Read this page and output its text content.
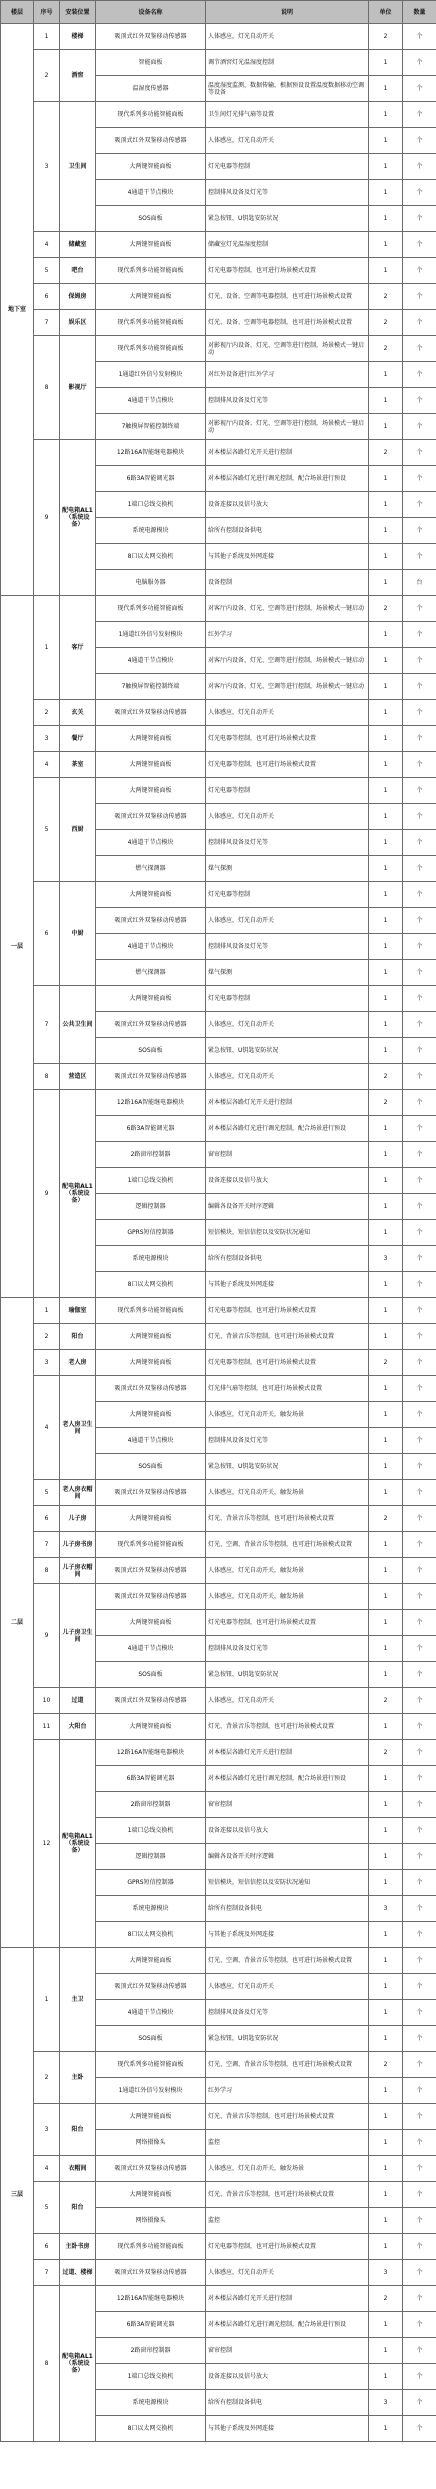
楼层	序号	安装位置	设备名称	说明	单位	数量
地下室	1	楼梯	吸顶式红外双鉴移动传感器	人体感应，灯光自动开关	2	个
	2	酒窖	智能面板	调节酒窖灯光温湿度控制	1	个
			温湿度传感器	温度湿度监测，数据传输，根据预设设置温度数据移动空调等设备	1	个
	3	卫生间	现代系列多功能智能面板	卫生间灯光排气扇等设置	1	个
			吸顶式红外双鉴移动传感器	人体感应，灯光自动开关	1	个
			大两键智能面板	灯光电器等控制	1	个
			4通道干节点模块	控制排风设备及灯光等	1	个
			SOS面板	紧急按钮，U钥匙安防状况	1	个
	4	储藏室	大两键智能面板	储藏室灯光温湿度控制	1	个
	5	吧台	现代系列多功能智能面板	灯光电器等控制，也可进行场景模式设置	1	个
	6	保姆房	大两键智能面板	灯光、设备、空调等电器控制，也可进行场景模式设置	2	个
	7	娱乐区	现代系列多功能智能面板	灯光、设备、空调等电器控制，也可进行场景模式设置	2	个
	8	影视厅	现代系列多功能智能面板	对影视厅内设备、灯光、空调等进行控制，场景模式一键启动	2	个
			1通道红外信号发射模块	对红外设备进行红外学习	1	个
			4通道干节点模块	控制排风设备及灯光等	1	个
			7触摸屏智能控制终端	对影视厅内设备、灯光、空调等进行控制，场景模式一键启动	1	个
	9	配电箱AL1（系统设备）	12路16A智能继电器模块	对本楼层各路灯光开关进行控制	2	个
			6路3A智能调光器	对本楼层各路灯光进行调光控制，配合场景进行预设	1	个
			1端口总线交换机	设备连接以及信号放大	1	个
			系统电源模块	给所有控制设备供电	1	个
			8口以太网交换机	与其他子系统及外网连接	1	个
			电脑服务器	设备控制	1	台
一层	1	客厅	现代系列多功能智能面板	对客厅内设备、灯光、空调等进行控制，场景模式一键启动	2	个
			1通道红外信号发射模块	红外学习	1	个
			4通道干节点模块	对客厅内设备、灯光、空调等进行控制，场景模式一键启动	1	个
			7触摸屏智能控制终端	对客厅内设备、灯光、空调等进行控制，场景模式一键启动	1	个
	2	玄关	吸顶式红外双鉴移动传感器	人体感应，灯光自动开关	1	个
	3	餐厅	大两键智能面板	灯光电器等控制，也可进行场景模式设置	1	个
	4	茶室	大两键智能面板	灯光电器等控制，也可进行场景模式设置	1	个
	5	西厨	大两键智能面板	灯光电器等控制	1	个
			吸顶式红外双鉴移动传感器	人体感应，灯光自动开关	1	个
			4通道干节点模块	控制排风设备及灯光等	1	个
			燃气探测器	煤气探测	1	个
	6	中厨	大两键智能面板	灯光电器等控制	1	个
			吸顶式红外双鉴移动传感器	人体感应，灯光自动开关	1	个
			4通道干节点模块	控制排风设备及灯光等	1	个
			燃气探测器	煤气探测	1	个
	7	公共卫生间	大两键智能面板	灯光电器等控制	1	个
			吸顶式红外双鉴移动传感器	人体感应，灯光自动开关	1	个
			SOS面板	紧急按钮，U钥匙安防状况	1	个
	8	营造区	吸顶式红外双鉴移动传感器	人体感应，灯光自动开关	2	个
	9	配电箱AL1（系统设备）	12路16A智能继电器模块	对本楼层各路灯光开关进行控制	2	个
			6路3A智能调光器	对本楼层各路灯光进行调光控制，配合场景进行预设	1	个
			2路窗帘控制器	窗帘控制	1	个
			1端口总线交换机	设备连接以及信号放大	1	个
			逻辑控制器	编辑各设备开关时序逻辑	1	个
			GPRS短信控制器	短信模块，短信信控以及安防状况通知	1	个
			系统电源模块	给所有控制设备供电	3	个
			8口以太网交换机	与其他子系统及外网连接	1	个
二层	1	瑜伽室	现代系列多功能智能面板	灯光电器等控制，也可进行场景模式设置	1	个
	2	阳台	大两键智能面板	灯光、背景音乐等控制，也可进行场景模式设置	1	个
	3	老人房	大两键智能面板	灯光电器等控制，也可进行场景模式设置	2	个
	4	老人房卫生间	吸顶式红外双鉴移动传感器	灯光排气扇等控制，也可进行场景模式设置	1	个
			大两键智能面板	人体感应，灯光自动开关，触发场景	1	个
			4通道干节点模块	控制排风设备及灯光等	1	个
			SOS面板	紧急按钮，U钥匙安防状况	1	个
	5	老人房衣帽间	吸顶式红外双鉴移动传感器	人体感应，灯光自动开关，触发场景	1	个
	6	儿子房	大两键智能面板	灯光、背景音乐等控制，也可进行场景模式设置	2	个
	7	儿子房书房	现代系列多功能智能面板	灯光、空调、背景音乐等控制，也可进行场景模式设置	1	个
	8	儿子房衣帽间	吸顶式红外双鉴移动传感器	人体感应，灯光自动开关，触发场景	1	个
	9	儿子房卫生间	吸顶式红外双鉴移动传感器	人体感应，灯光自动开关，触发场景	1	个
			大两键智能面板	灯光电器等控制，也可进行场景模式设置	1	个
			4通道干节点模块	控制排风设备及灯光等	1	个
			SOS面板	紧急按钮，U钥匙安防状况	1	个
	10	过道	吸顶式红外双鉴移动传感器	人体感应，灯光自动开关	2	个
	11	大阳台	大两键智能面板	灯光、背景音乐等控制，也可进行场景模式设置	1	个
	12	配电箱AL1（系统设备）	12路16A智能继电器模块	对本楼层各路灯光开关进行控制	2	个
			6路3A智能调光器	对本楼层各路灯光进行调光控制，配合场景进行预设	1	个
			2路窗帘控制器	窗帘控制	1	个
			1端口总线交换机	设备连接以及信号放大	1	个
			逻辑控制器	编辑各设备开关时序逻辑	1	个
			GPRS短信控制器	短信模块，短信信控以及安防状况通知	1	个
			系统电源模块	给所有控制设备供电	3	个
			8口以太网交换机	与其他子系统及外网连接	1	个
三层	1	主卫	大两键智能面板	灯光、空调、背景音乐等控制，也可进行场景模式设置	1	个
			吸顶式红外双鉴移动传感器	人体感应，灯光自动开关	1	个
			4通道干节点模块	控制排风设备及灯光等	1	个
			SOS面板	紧急按钮，U钥匙安防状况	1	个
	2	主卧	现代系列多功能智能面板	灯光、空调、背景音乐等控制，也可进行场景模式设置	2	个
			1通道红外信号发射模块	红外学习	1	个
	3	阳台	大两键智能面板	灯光、背景音乐等控制，也可进行场景模式设置	1	个
			网络摄像头	监控	1	个
	4	衣帽间	吸顶式红外双鉴移动传感器	人体感应，灯光自动开关，触发场景	1	个
	5	阳台	大两键智能面板	灯光、背景音乐等控制，也可进行场景模式设置	1	个
			网络摄像头	监控	1	个
	6	主卧书房	现代系列多功能智能面板	灯光电器等控制，也可进行场景模式设置	1	个
	7	过道、楼梯	吸顶式红外双鉴移动传感器	人体感应，灯光自动开关	3	个
	8	配电箱AL1（系统设备）	12路16A智能继电器模块	对本楼层各路灯光开关进行控制	2	个
			6路3A智能调光器	对本楼层各路灯光进行调光控制，配合场景进行预设	1	个
			2路窗帘控制器	窗帘控制	1	个
			1端口总线交换机	设备连接以及信号放大	1	个
			系统电源模块	给所有控制设备供电	3	个
			8口以太网交换机	与其他子系统及外网连接	1	个
